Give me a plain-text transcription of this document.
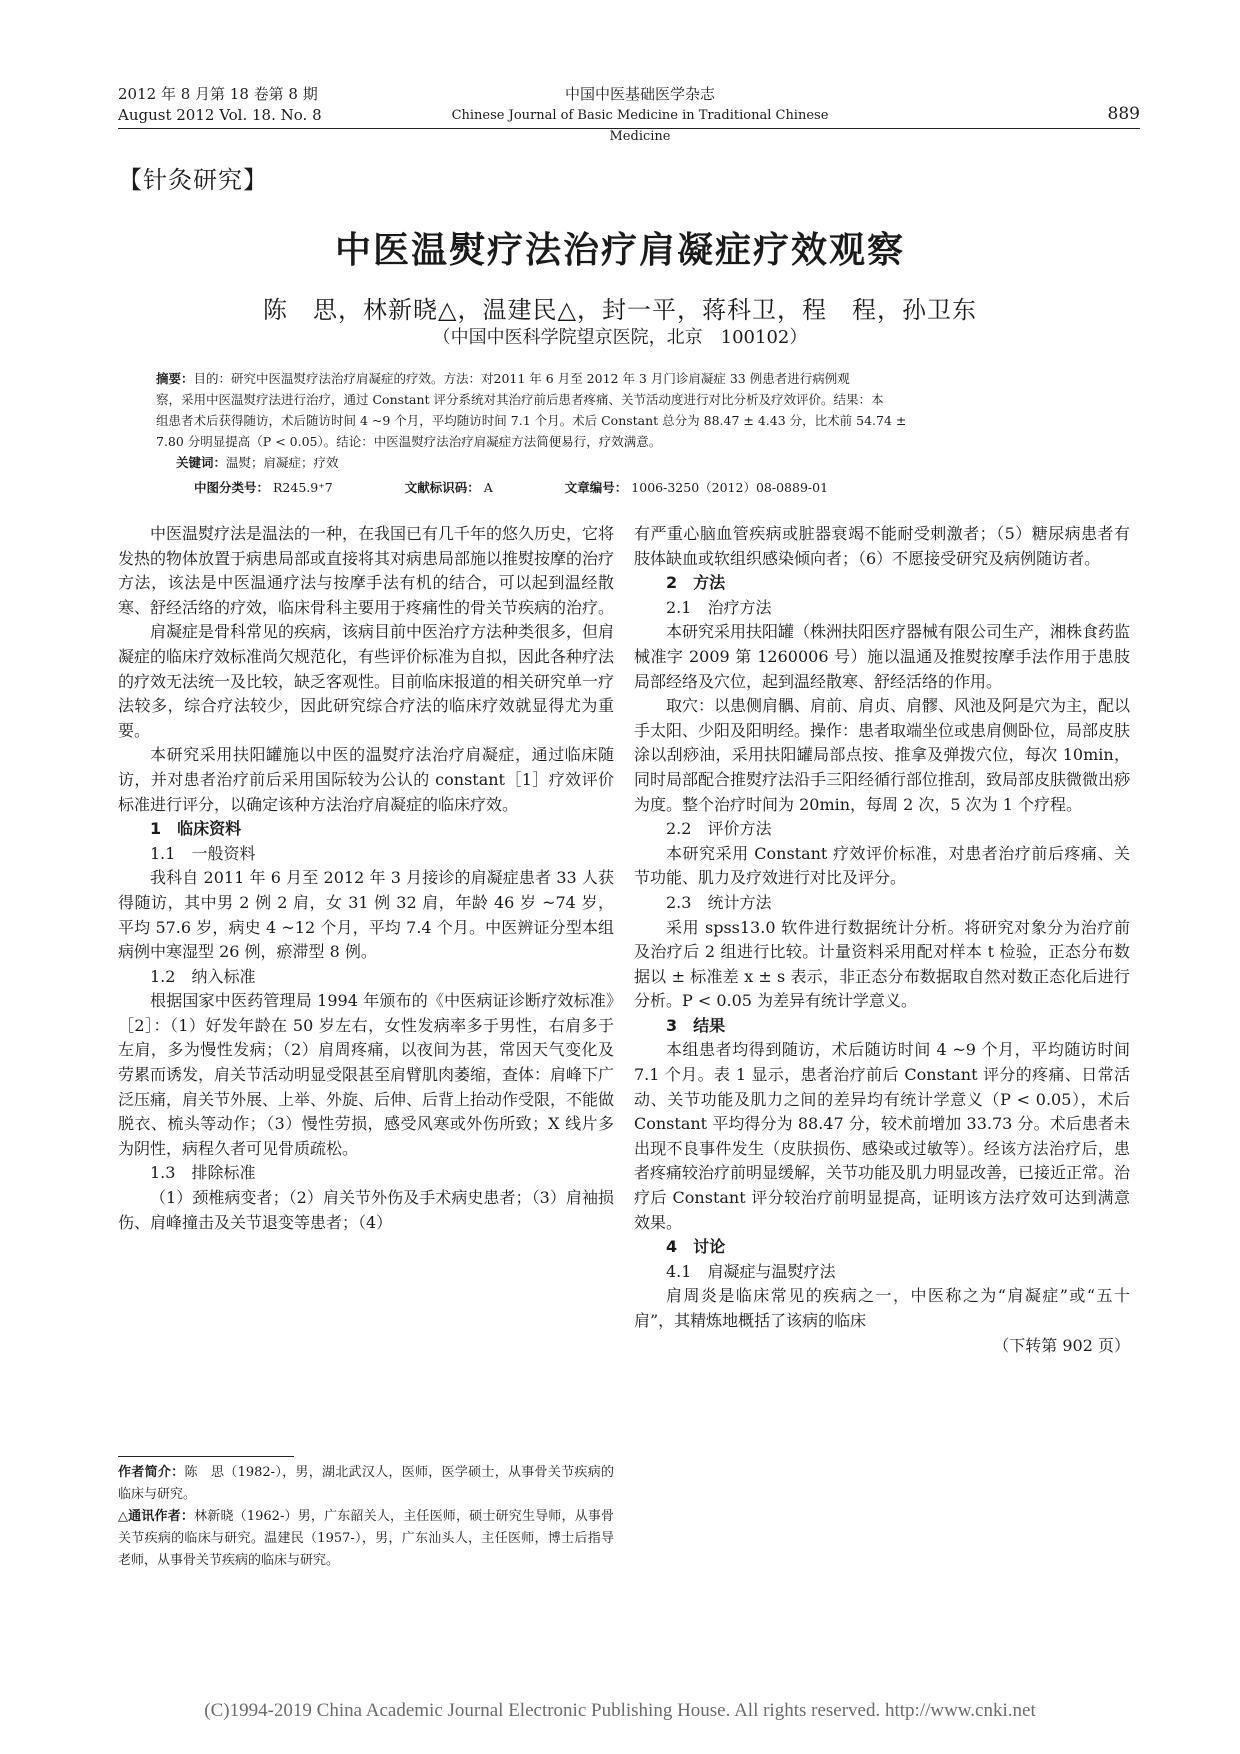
2012 年 8 月第 18 卷第 8 期
August 2012 Vol. 18. No. 8
中国中医基础医学杂志
Chinese Journal of Basic Medicine in Traditional Chinese Medicine
889
【针灸研究】
中医温熨疗法治疗肩凝症疗效观察
陈　思，林新晓△，温建民△，封一平，蒋科卫，程　程，孙卫东
（中国中医科学院望京医院，北京　100102）

摘要：目的：研究中医温熨疗法治疗肩凝症的疗效。方法：对2011 年 6 月至 2012 年 3 月门诊肩凝症 33 例患者进行病例观

察，采用中医温熨疗法进行治疗，通过 Constant 评分系统对其治疗前后患者疼痛、关节活动度进行对比分析及疗效评价。结果：本

组患者术后获得随访，术后随访时间 4 ~9 个月，平均随访时间 7.1 个月。术后 Constant 总分为 88.47 ± 4.43 分，比术前 54.74 ±

7.80 分明显提高（P < 0.05）。结论：中医温熨疗法治疗肩凝症方法简便易行，疗效满意。

关键词：温熨；肩凝症；疗效

中图分类号： R245.9⁺7	文献标识码： A	文章编号： 1006-3250（2012）08-0889-01

中医温熨疗法是温法的一种，在我国已有几千年的悠久历史，它将发热的物体放置于病患局部或直接将其对病患局部施以推熨按摩的治疗方法，该法是中医温通疗法与按摩手法有机的结合，可以起到温经散寒、舒经活络的疗效，临床骨科主要用于疼痛性的骨关节疾病的治疗。

肩凝症是骨科常见的疾病，该病目前中医治疗方法种类很多，但肩凝症的临床疗效标准尚欠规范化，有些评价标准为自拟，因此各种疗法的疗效无法统一及比较，缺乏客观性。目前临床报道的相关研究单一疗法较多，综合疗法较少，因此研究综合疗法的临床疗效就显得尤为重要。

本研究采用扶阳罐施以中医的温熨疗法治疗肩凝症，通过临床随访，并对患者治疗前后采用国际较为公认的 constant［1］疗效评价标准进行评分，以确定该种方法治疗肩凝症的临床疗效。

1　临床资料
1.1　一般资料

我科自 2011 年 6 月至 2012 年 3 月接诊的肩凝症患者 33 人获得随访，其中男 2 例 2 肩，女 31 例 32 肩，年龄 46 岁 ~74 岁，平均 57.6 岁，病史 4 ~12 个月，平均 7.4 个月。中医辨证分型本组病例中寒湿型 26 例，瘀滞型 8 例。

1.2　纳入标准

根据国家中医药管理局 1994 年颁布的《中医病证诊断疗效标准》［2］：（1）好发年龄在 50 岁左右，女性发病率多于男性，右肩多于左肩，多为慢性发病；（2）肩周疼痛，以夜间为甚，常因天气变化及劳累而诱发，肩关节活动明显受限甚至肩臂肌肉萎缩，查体：肩峰下广泛压痛，肩关节外展、上举、外旋、后伸、后背上抬动作受限，不能做脱衣、梳头等动作；（3）慢性劳损，感受风寒或外伤所致；X 线片多为阴性，病程久者可见骨质疏松。

1.3　排除标准

（1）颈椎病变者；（2）肩关节外伤及手术病史患者；（3）肩袖损伤、肩峰撞击及关节退变等患者；（4）

有严重心脑血管疾病或脏器衰竭不能耐受刺激者；（5）糖尿病患者有肢体缺血或软组织感染倾向者；（6）不愿接受研究及病例随访者。

2　方法
2.1　治疗方法

本研究采用扶阳罐（株洲扶阳医疗器械有限公司生产，湘株食药监械准字 2009 第 1260006 号）施以温通及推熨按摩手法作用于患肢局部经络及穴位，起到温经散寒、舒经活络的作用。

取穴：以患侧肩髃、肩前、肩贞、肩髎、风池及阿是穴为主，配以手太阳、少阳及阳明经。操作：患者取端坐位或患肩侧卧位，局部皮肤涂以刮痧油，采用扶阳罐局部点按、推拿及弹拨穴位，每次 10min，同时局部配合推熨疗法沿手三阳经循行部位推刮，致局部皮肤微微出痧为度。整个治疗时间为 20min，每周 2 次，5 次为 1 个疗程。

2.2　评价方法

本研究采用 Constant 疗效评价标准，对患者治疗前后疼痛、关节功能、肌力及疗效进行对比及评分。

2.3　统计方法

采用 spss13.0 软件进行数据统计分析。将研究对象分为治疗前及治疗后 2 组进行比较。计量资料采用配对样本 t 检验，正态分布数据以 ± 标准差 x ± s 表示，非正态分布数据取自然对数正态化后进行分析。P < 0.05 为差异有统计学意义。

3　结果

本组患者均得到随访，术后随访时间 4 ~9 个月，平均随访时间 7.1 个月。表 1 显示，患者治疗前后 Constant 评分的疼痛、日常活动、关节功能及肌力之间的差异均有统计学意义（P < 0.05），术后 Constant 平均得分为 88.47 分，较术前增加 33.73 分。术后患者未出现不良事件发生（皮肤损伤、感染或过敏等）。经该方法治疗后，患者疼痛较治疗前明显缓解，关节功能及肌力明显改善，已接近正常。治疗后 Constant 评分较治疗前明显提高，证明该方法疗效可达到满意效果。

4　讨论
4.1　肩凝症与温熨疗法

肩周炎是临床常见的疾病之一，中医称之为“肩凝症”或“五十肩”，其精炼地概括了该病的临床

（下转第 902 页）

作者简介：陈　思（1982-），男，湖北武汉人，医师，医学硕士，从事骨关节疾病的临床与研究。

△通讯作者：林新晓（1962-）男，广东韶关人，主任医师，硕士研究生导师，从事骨关节疾病的临床与研究。温建民（1957-），男，广东汕头人，主任医师，博士后指导老师，从事骨关节疾病的临床与研究。

(C)1994-2019 China Academic Journal Electronic Publishing House. All rights reserved. http://www.cnki.net
